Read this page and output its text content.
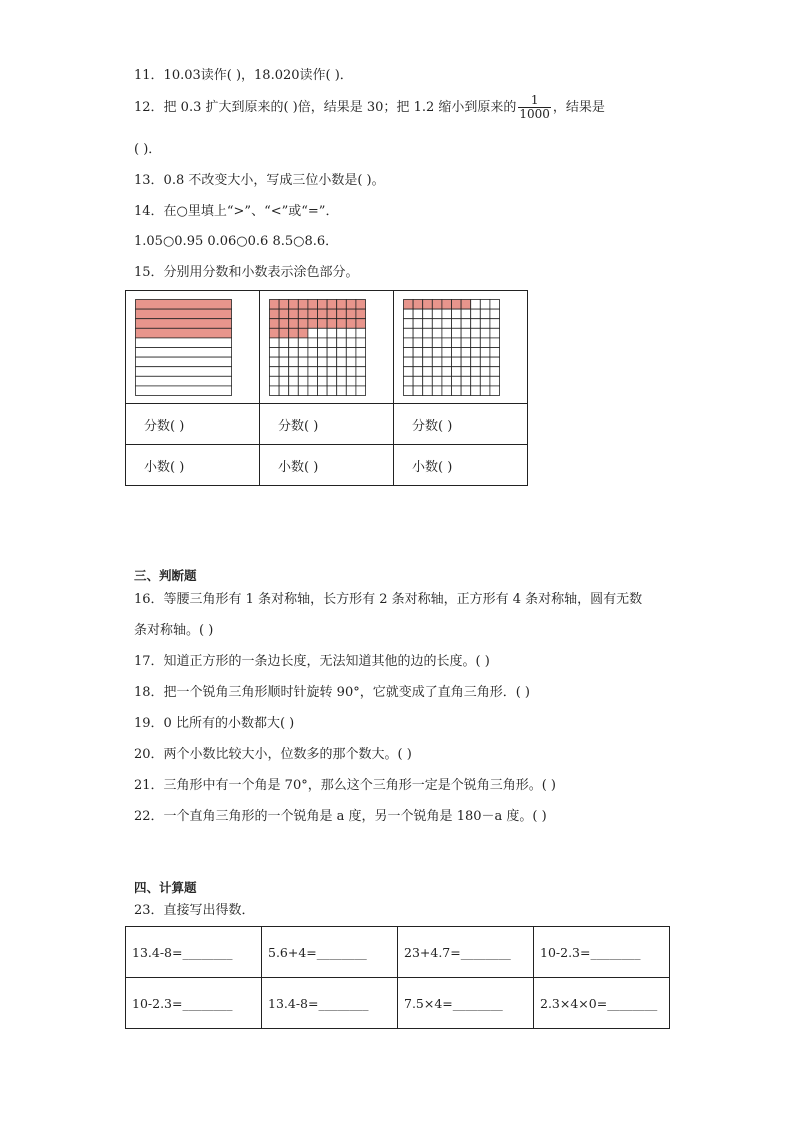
11．10.03读作( )，18.020读作( )．
12．把 0.3 扩大到原来的( )倍，结果是 30；把 1.2 缩小到原来的 $\frac{1}{1000}$ ，结果是
( )．
13．0.8 不改变大小，写成三位小数是( )。
14．在○里填上“>”、“<”或“=”．
1.05○0.95 0.06○0.6 8.5○8.6．
15．分别用分数和小数表示涂色部分。

分数( )	分数( )	分数( )
小数( )	小数( )	小数( )
三、判断题
16．等腰三角形有 1 条对称轴，长方形有 2 条对称轴，正方形有 4 条对称轴，圆有无数
条对称轴。( )
17．知道正方形的一条边长度，无法知道其他的边的长度。( )
18．把一个锐角三角形顺时针旋转 90°，它就变成了直角三角形．( )
19．0 比所有的小数都大( )
20．两个小数比较大小，位数多的那个数大。( )
21．三角形中有一个角是 70°，那么这个三角形一定是个锐角三角形。( )
22．一个直角三角形的一个锐角是 a 度，另一个锐角是 180－a 度。( )
四、计算题
23．直接写出得数．
13.4-8=________	5.6+4=________	23+4.7=________	10-2.3=________
10-2.3=________	13.4-8=________	7.5×4=________	2.3×4×0=________
